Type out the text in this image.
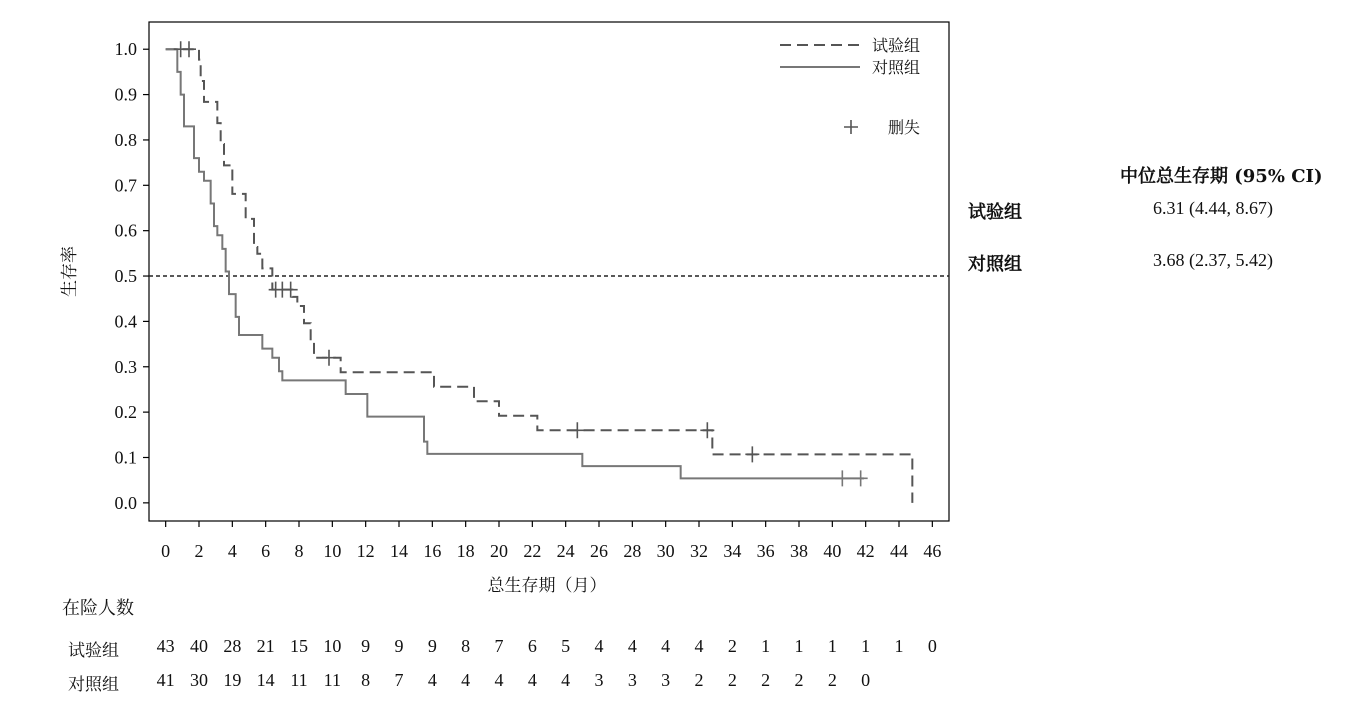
0.0
0.1
0.2
0.3
0.4
0.5
0.6
0.7
0.8
0.9
1.0
0 2 4 6 8 10 12 14 16 18 20 22 24 26 28 30 32 34 36 38 40 42 44 46
试验组
对照组
删失
生存率
总生存期（月）
中位总生存期 (95% CI)
试验组	6.31 (4.44, 8.67)
对照组	3.68 (2.37, 5.42)
在险人数
试验组	43 40 28 21 15 10	9	9	9	8	7	6	5	4	4	4	4	2	1	1	1	1	1	0
对照组	41 30 19 14 11 11	8	7	4	4	4	4	4	3	3	3	2	2	2	2	2	0
